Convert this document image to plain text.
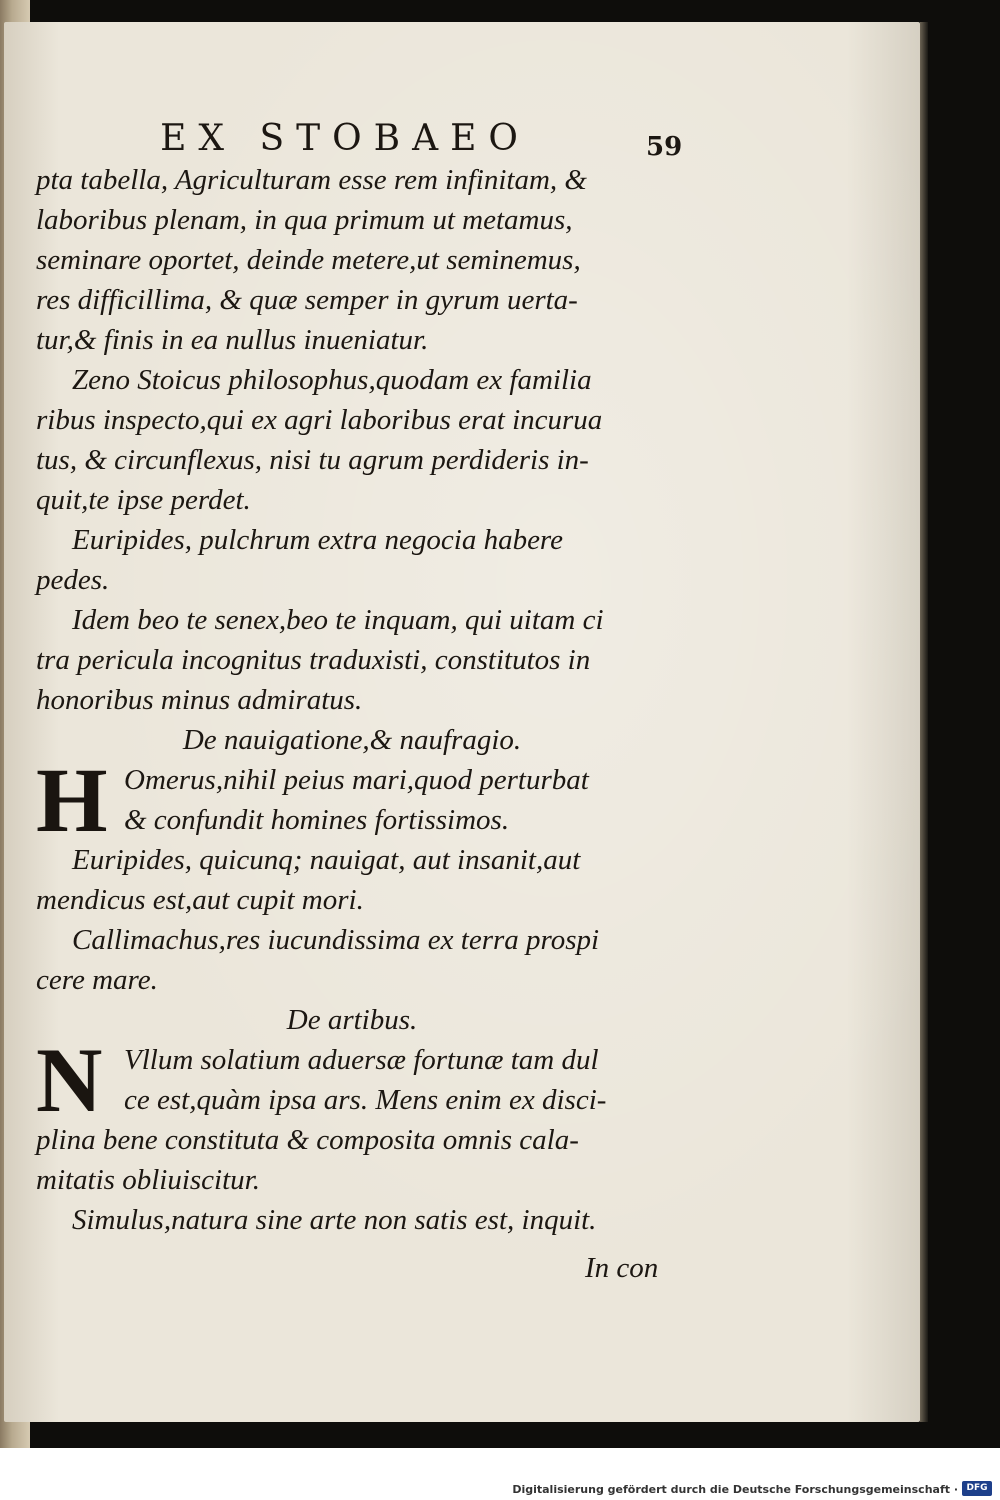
EX STOBAEO	59
pta tabella, Agriculturam esse rem infinitam, &
laboribus plenam, in qua primum ut metamus,
seminare oportet, deinde metere,ut seminemus,
res difficillima, & quæ semper in gyrum uerta-
tur,& finis in ea nullus inueniatur.
Zeno Stoicus philosophus,quodam ex familia
ribus inspecto,qui ex agri laboribus erat incurua
tus, & circunflexus, nisi tu agrum perdideris in-
quit,te ipse perdet.
Euripides, pulchrum extra negocia habere
pedes.
Idem beo te senex,beo te inquam, qui uitam ci
tra pericula incognitus traduxisti, constitutos in
honoribus minus admiratus.
De nauigatione,& naufragio.
H Omerus,nihil peius mari,quod perturbat
& confundit homines fortissimos.
Euripides, quicunq; nauigat, aut insanit,aut
mendicus est,aut cupit mori.
Callimachus,res iucundissima ex terra prospi
cere mare.
De artibus.
N Vllum solatium aduersæ fortunæ tam dul
ce est,quàm ipsa ars. Mens enim ex disci-
plina bene constituta & composita omnis cala-
mitatis obliuiscitur.
Simulus,natura sine arte non satis est, inquit.
In con
Digitalisierung gefördert durch die Deutsche Forschungsgemeinschaft · DFG
